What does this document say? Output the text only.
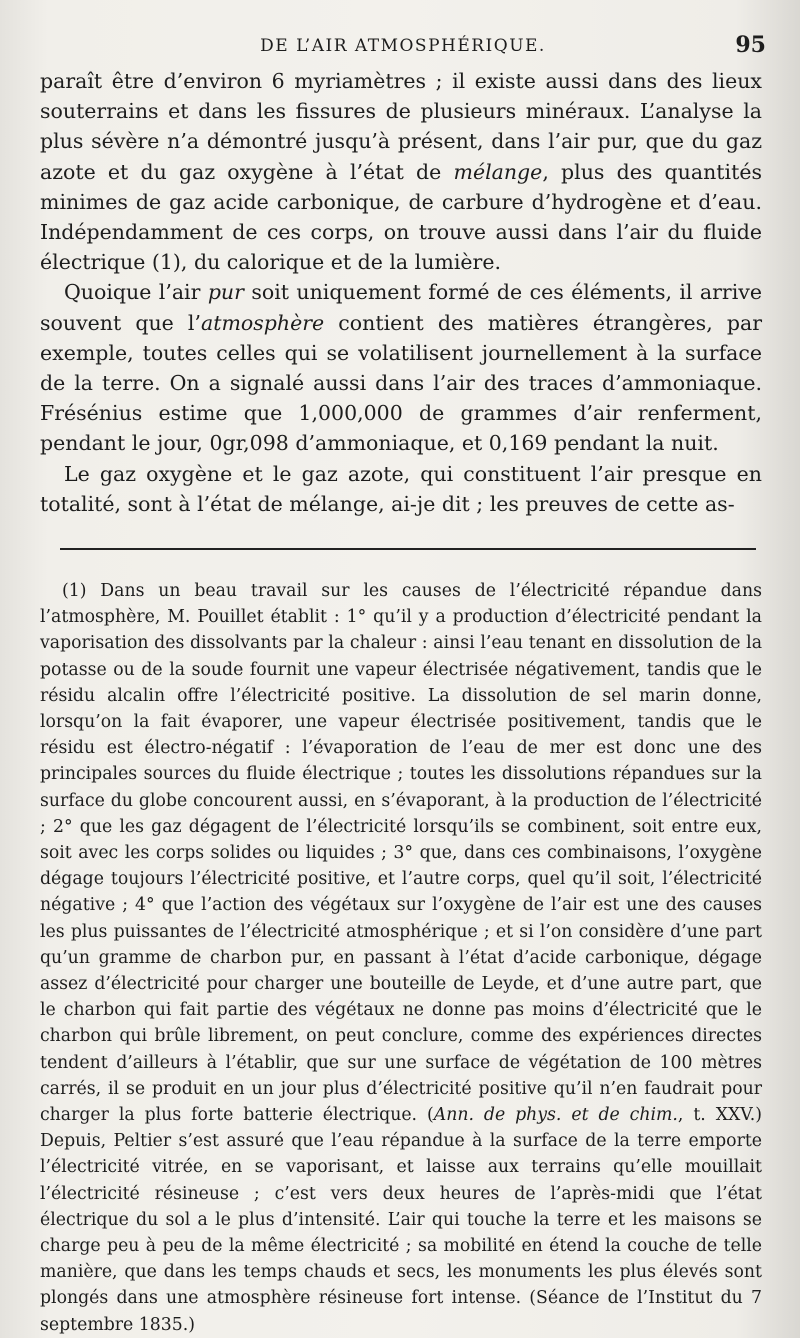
DE L’AIR ATMOSPHÉRIQUE.	95

paraît être d’environ 6 myriamètres ; il existe aussi dans des lieux souterrains et dans les fissures de plusieurs minéraux. L’analyse la plus sévère n’a démontré jusqu’à présent, dans l’air pur, que du gaz azote et du gaz oxygène à l’état de mélange, plus des quantités minimes de gaz acide carbonique, de carbure d’hydrogène et d’eau. Indépendamment de ces corps, on trouve aussi dans l’air du fluide électrique (1), du calorique et de la lumière.

Quoique l’air pur soit uniquement formé de ces éléments, il arrive souvent que l’atmosphère contient des matières étrangères, par exemple, toutes celles qui se volatilisent journellement à la surface de la terre. On a signalé aussi dans l’air des traces d’ammoniaque. Frésénius estime que 1,000,000 de grammes d’air renferment, pendant le jour, 0gr,098 d’ammoniaque, et 0,169 pendant la nuit.

Le gaz oxygène et le gaz azote, qui constituent l’air presque en totalité, sont à l’état de mélange, ai-je dit ; les preuves de cette as-

(1) Dans un beau travail sur les causes de l’électricité répandue dans l’atmosphère, M. Pouillet établit : 1° qu’il y a production d’électricité pendant la vaporisation des dissolvants par la chaleur : ainsi l’eau tenant en dissolution de la potasse ou de la soude fournit une vapeur électrisée négativement, tandis que le résidu alcalin offre l’électricité positive. La dissolution de sel marin donne, lorsqu’on la fait évaporer, une vapeur électrisée positivement, tandis que le résidu est électro-négatif : l’évaporation de l’eau de mer est donc une des principales sources du fluide électrique ; toutes les dissolutions répandues sur la surface du globe concourent aussi, en s’évaporant, à la production de l’électricité ; 2° que les gaz dégagent de l’électricité lorsqu’ils se combinent, soit entre eux, soit avec les corps solides ou liquides ; 3° que, dans ces combinaisons, l’oxygène dégage toujours l’électricité positive, et l’autre corps, quel qu’il soit, l’électricité négative ; 4° que l’action des végétaux sur l’oxygène de l’air est une des causes les plus puissantes de l’électricité atmosphérique ; et si l’on considère d’une part qu’un gramme de charbon pur, en passant à l’état d’acide carbonique, dégage assez d’électricité pour charger une bouteille de Leyde, et d’une autre part, que le charbon qui fait partie des végétaux ne donne pas moins d’électricité que le charbon qui brûle librement, on peut conclure, comme des expériences directes tendent d’ailleurs à l’établir, que sur une surface de végétation de 100 mètres carrés, il se produit en un jour plus d’électricité positive qu’il n’en faudrait pour charger la plus forte batterie électrique. (Ann. de phys. et de chim., t. XXV.) Depuis, Peltier s’est assuré que l’eau répandue à la surface de la terre emporte l’électricité vitrée, en se vaporisant, et laisse aux terrains qu’elle mouillait l’électricité résineuse ; c’est vers deux heures de l’après-midi que l’état électrique du sol a le plus d’intensité. L’air qui touche la terre et les maisons se charge peu à peu de la même électricité ; sa mobilité en étend la couche de telle manière, que dans les temps chauds et secs, les monuments les plus élevés sont plongés dans une atmosphère résineuse fort intense. (Séance de l’Institut du 7 septembre 1835.)
